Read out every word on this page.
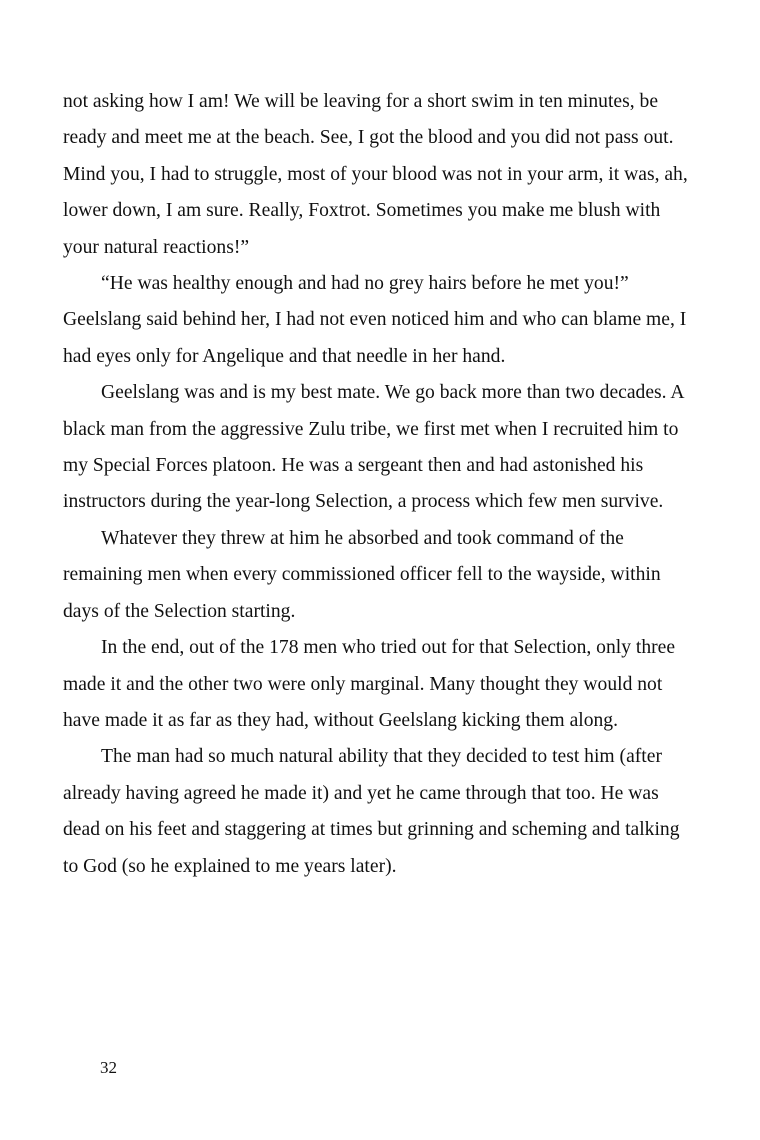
not asking how I am! We will be leaving for a short swim in ten minutes, be ready and meet me at the beach. See, I got the blood and you did not pass out. Mind you, I had to struggle, most of your blood was not in your arm, it was, ah, lower down, I am sure. Really, Foxtrot. Sometimes you make me blush with your natural reactions!”

“He was healthy enough and had no grey hairs before he met you!” Geelslang said behind her, I had not even noticed him and who can blame me, I had eyes only for Angelique and that needle in her hand.

Geelslang was and is my best mate. We go back more than two decades. A black man from the aggressive Zulu tribe, we first met when I recruited him to my Special Forces platoon. He was a sergeant then and had astonished his instructors during the year-long Selection, a process which few men survive.

Whatever they threw at him he absorbed and took command of the remaining men when every commissioned officer fell to the wayside, within days of the Selection starting.

In the end, out of the 178 men who tried out for that Selection, only three made it and the other two were only marginal. Many thought they would not have made it as far as they had, without Geelslang kicking them along.

The man had so much natural ability that they decided to test him (after already having agreed he made it) and yet he came through that too. He was dead on his feet and staggering at times but grinning and scheming and talking to God (so he explained to me years later).

32
